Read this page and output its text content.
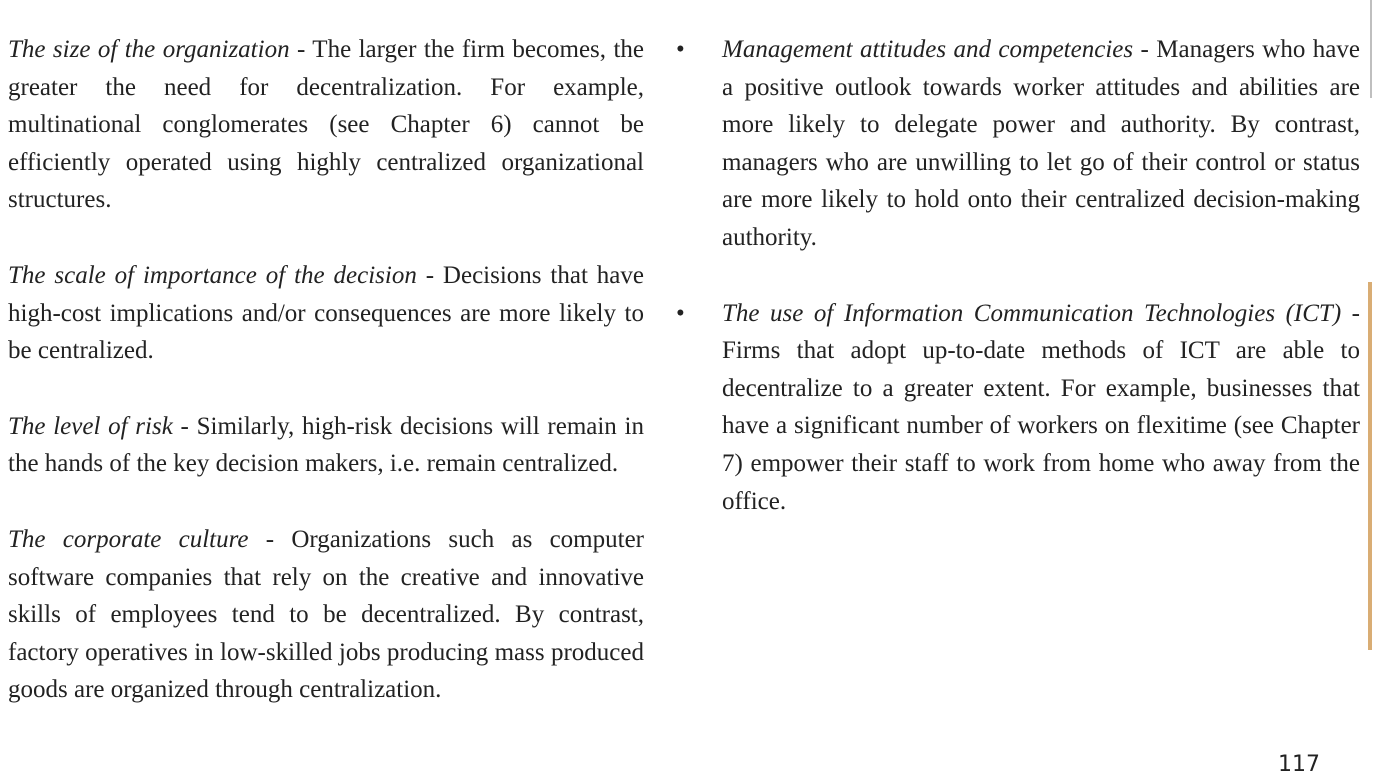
The size of the organization - The larger the firm becomes, the greater the need for decentralization. For example, multinational conglomerates (see Chapter 6) cannot be efficiently operated using highly centralized organizational structures.

The scale of importance of the decision - Decisions that have high-cost implications and/or consequences are more likely to be centralized.

The level of risk - Similarly, high-risk decisions will remain in the hands of the key decision makers, i.e. remain centralized.

The corporate culture - Organizations such as computer software companies that rely on the creative and innovative skills of employees tend to be decentralized. By contrast, factory operatives in low-skilled jobs producing mass produced goods are organized through centralization.

• Management attitudes and competencies - Managers who have a positive outlook towards worker attitudes and abilities are more likely to delegate power and authority. By contrast, managers who are unwilling to let go of their control or status are more likely to hold onto their centralized decision-making authority.
• The use of Information Communication Technologies (ICT) - Firms that adopt up-to-date methods of ICT are able to decentralize to a greater extent. For example, businesses that have a significant number of workers on flexitime (see Chapter 7) empower their staff to work from home who away from the office.
117
